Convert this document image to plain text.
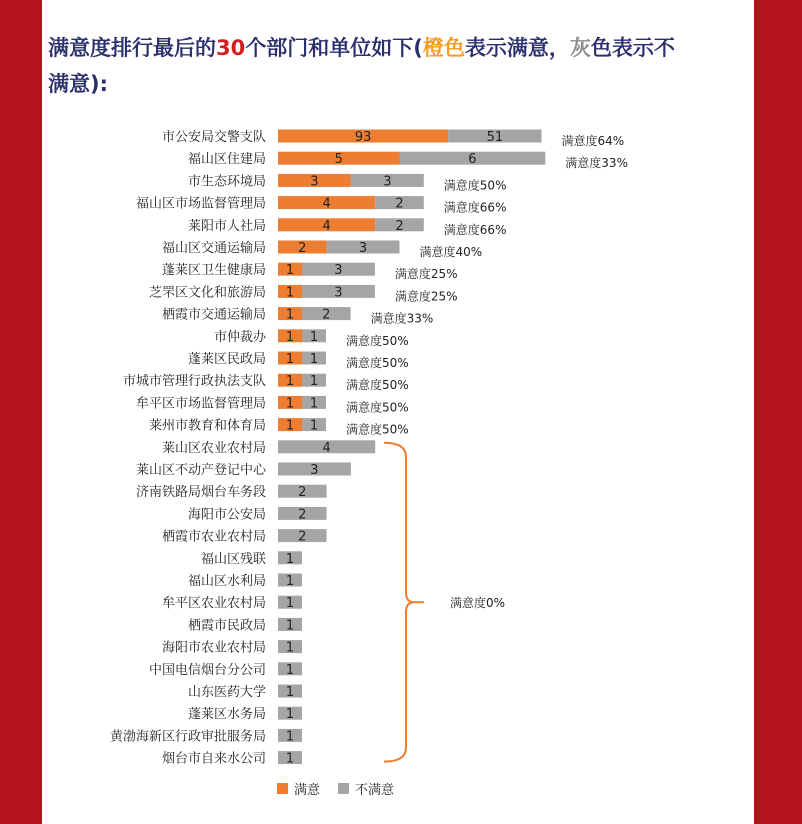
满意度排行最后的30个部门和单位如下(橙色表示满意，灰色表示不满意):
市公安局交警支队	93	51	满意度64%
福山区住建局	5	6	满意度33%
市生态环境局	3	3	满意度50%
福山区市场监督管理局	4	2	满意度66%
莱阳市人社局	4	2	满意度66%
福山区交通运输局 2	3	满意度40%
蓬莱区卫生健康局 1	3	满意度25%
芝罘区文化和旅游局 1	3	满意度25%
栖霞市交通运输局 1 2	满意度33%
市仲裁办 1 1 满意度50%
蓬莱区民政局 1 1 满意度50%
市城市管理行政执法支队 1 1 满意度50%
牟平区市场监督管理局 1 1 满意度50%
莱州市教育和体育局 1 1 满意度50%
莱山区农业农村局	4
莱山区不动产登记中心	3
济南铁路局烟台车务段 2
海阳市公安局 2
栖霞市农业农村局 2
福山区残联 1
福山区水利局 1
牟平区农业农村局 1
栖霞市民政局 1
海阳市农业农村局 1
中国电信烟台分公司 1
山东医药大学 1
蓬莱区水务局 1
黄渤海新区行政审批服务局 1
烟台市自来水公司 1
满意度0%
满意	不满意
